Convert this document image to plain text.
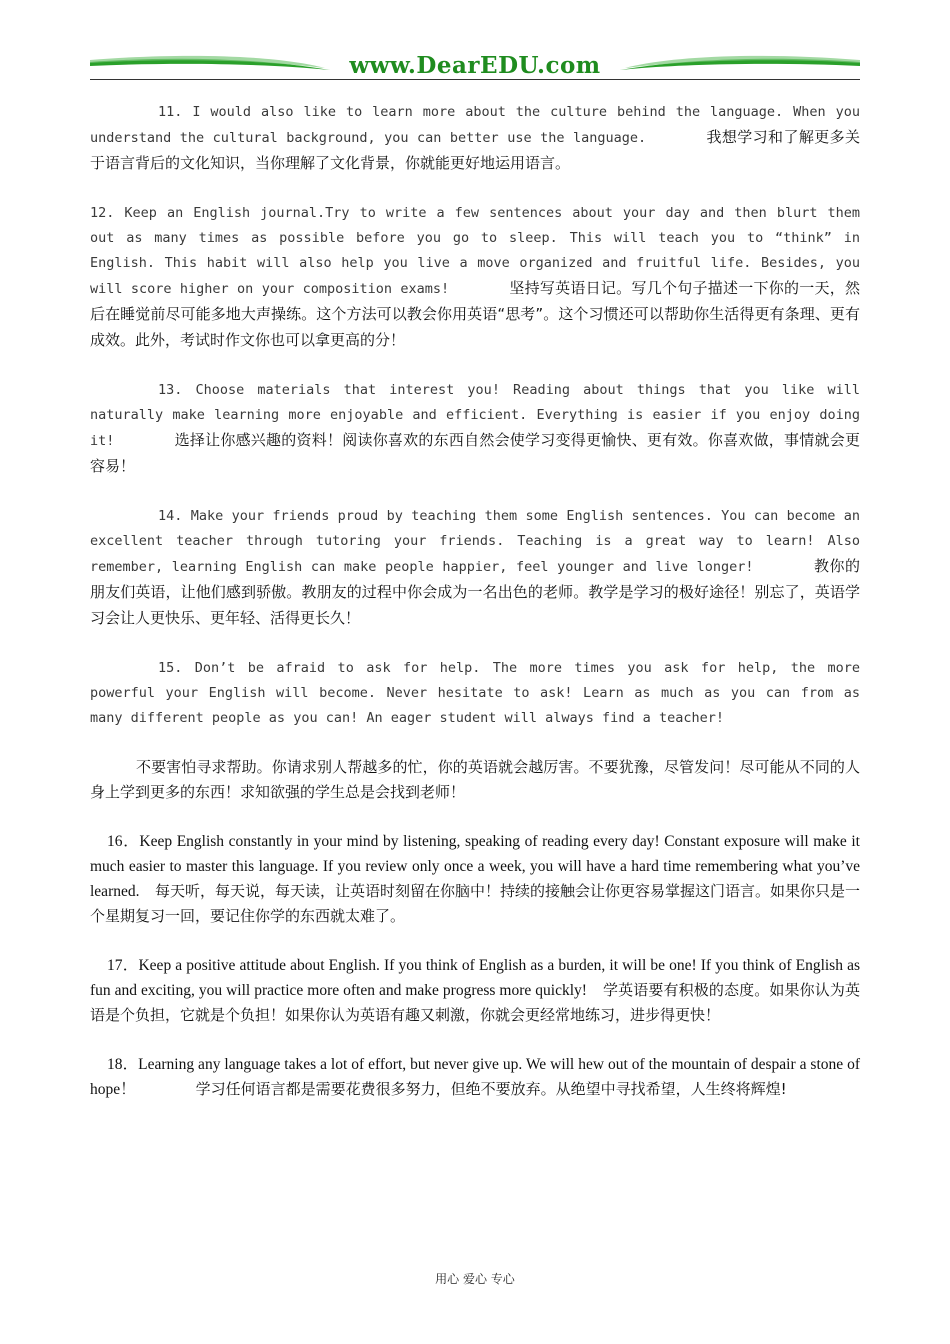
www.DearEDU.com

11. I would also like to learn more about the culture behind the language. When you understand the cultural background, you can better use the language.	我想学习和了解更多关于语言背后的文化知识，当你理解了文化背景，你就能更好地运用语言。

12. Keep an English journal.Try to write a few sentences about your day and then blurt them out as many times as possible before you go to sleep. This will teach you to “think” in English. This habit will also help you live a move organized and fruitful life. Besides, you will score higher on your composition exams!	坚持写英语日记。写几个句子描述一下你的一天，然后在睡觉前尽可能多地大声操练。这个方法可以教会你用英语“思考”。这个习惯还可以帮助你生活得更有条理、更有成效。此外，考试时作文你也可以拿更高的分！

13. Choose materials that interest you! Reading about things that you like will naturally make learning more enjoyable and efficient. Everything is easier if you enjoy doing it!	选择让你感兴趣的资料！阅读你喜欢的东西自然会使学习变得更愉快、更有效。你喜欢做，事情就会更容易！

14. Make your friends proud by teaching them some English sentences. You can become an excellent teacher through tutoring your friends. Teaching is a great way to learn! Also remember, learning English can make people happier, feel younger and live longer!	教你的朋友们英语，让他们感到骄傲。教朋友的过程中你会成为一名出色的老师。教学是学习的极好途径！别忘了，英语学习会让人更快乐、更年轻、活得更长久！

15. Don’t be afraid to ask for help. The more times you ask for help, the more powerful your English will become. Never hesitate to ask! Learn as much as you can from as many different people as you can! An eager student will always find a teacher!

不要害怕寻求帮助。你请求别人帮越多的忙，你的英语就会越厉害。不要犹豫，尽管发问！尽可能从不同的人身上学到更多的东西！求知欲强的学生总是会找到老师！

16．Keep English constantly in your mind by listening, speaking of reading every day! Constant exposure will make it much easier to master this language. If you review only once a week, you will have a hard time remembering what you’ve learned. 每天听，每天说，每天读，让英语时刻留在你脑中！持续的接触会让你更容易掌握这门语言。如果你只是一个星期复习一回，要记住你学的东西就太难了。

17．Keep a positive attitude about English. If you think of English as a burden, it will be one! If you think of English as fun and exciting, you will practice more often and make progress more quickly! 学英语要有积极的态度。如果你认为英语是个负担，它就是个负担！如果你认为英语有趣又刺激，你就会更经常地练习，进步得更快！

18．Learning any language takes a lot of effort, but never give up. We will hew out of the mountain of despair a stone of hope！	学习任何语言都是需要花费很多努力，但绝不要放弃。从绝望中寻找希望，人生终将辉煌!

用心 爱心 专心
